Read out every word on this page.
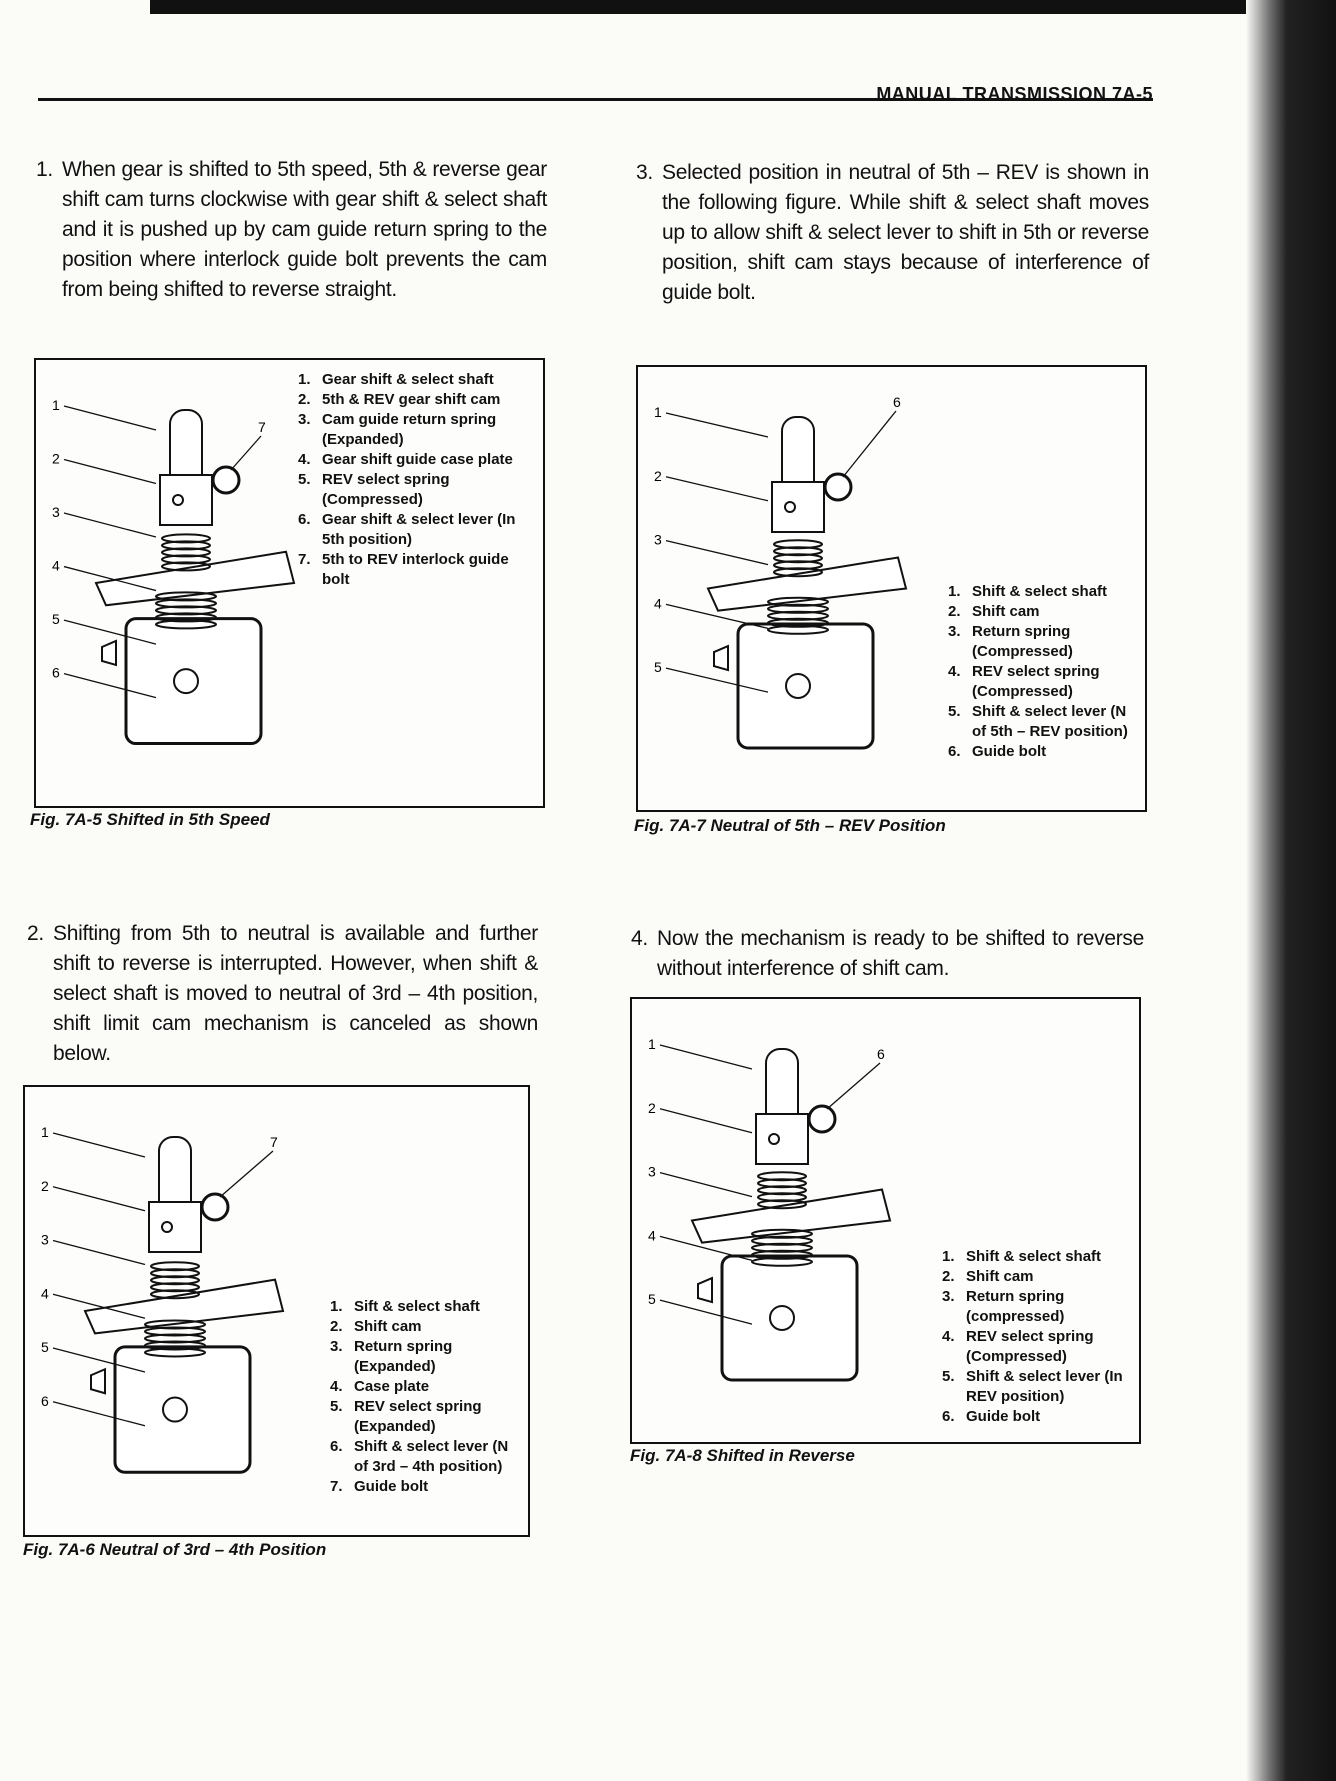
MANUAL TRANSMISSION 7A-5
1. When gear is shifted to 5th speed, 5th & reverse gear shift cam turns clockwise with gear shift & select shaft and it is pushed up by cam guide return spring to the position where interlock guide bolt prevents the cam from being shifted to reverse straight.
3. Selected position in neutral of 5th – REV is shown in the following figure. While shift & select shaft moves up to allow shift & select lever to shift in 5th or reverse position, shift cam stays because of interference of guide bolt.
2. Shifting from 5th to neutral is available and further shift to reverse is interrupted. However, when shift & select shaft is moved to neutral of 3rd – 4th position, shift limit cam mechanism is canceled as shown below.
4. Now the mechanism is ready to be shifted to reverse without interference of shift cam.
1
2
3
4
5
6
7
1. Gear shift & select shaft
2. 5th & REV gear shift cam
3. Cam guide return spring (Expanded)
4. Gear shift guide case plate
5. REV select spring (Compressed)
6. Gear shift & select lever (In 5th position)
7. 5th to REV interlock guide bolt
Fig. 7A-5 Shifted in 5th Speed
1
2
3
4
5
6
7
1. Sift & select shaft
2. Shift cam
3. Return spring (Expanded)
4. Case plate
5. REV select spring (Expanded)
6. Shift & select lever (N of 3rd – 4th position)
7. Guide bolt
Fig. 7A-6 Neutral of 3rd – 4th Position
1
2
3
4
5
6
1. Shift & select shaft
2. Shift cam
3. Return spring (Compressed)
4. REV select spring (Compressed)
5. Shift & select lever (N of 5th – REV position)
6. Guide bolt
Fig. 7A-7 Neutral of 5th – REV Position
1
2
3
4
5
6
1. Shift & select shaft
2. Shift cam
3. Return spring (compressed)
4. REV select spring (Compressed)
5. Shift & select lever (In REV position)
6. Guide bolt
Fig. 7A-8 Shifted in Reverse
